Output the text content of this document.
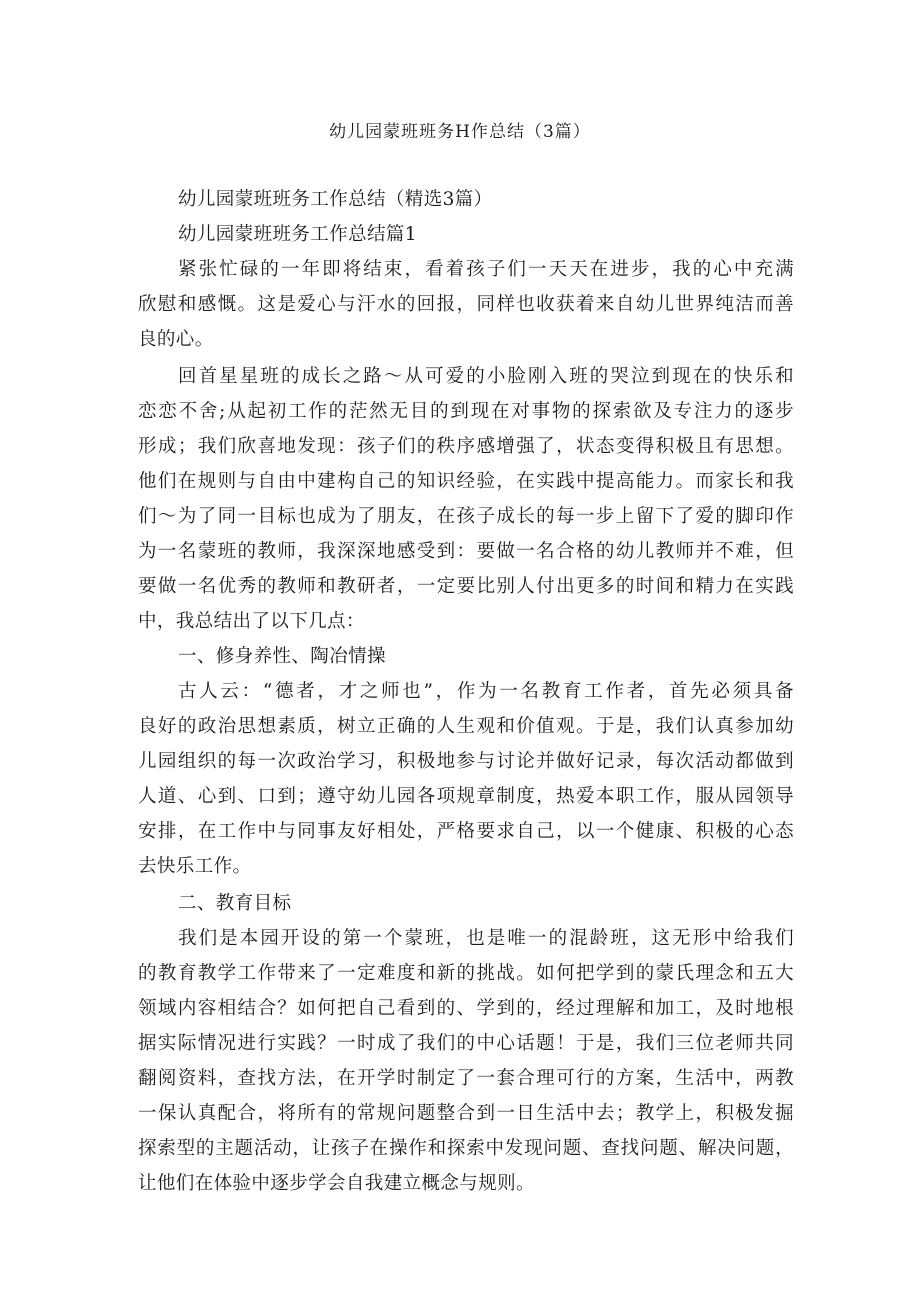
幼儿园蒙班班务H作总结（3篇）
幼儿园蒙班班务工作总结（精选3篇）
幼儿园蒙班班务工作总结篇1
紧张忙碌的一年即将结束，看着孩子们一天天在进步，我的心中充满
欣慰和感慨。这是爱心与汗水的回报，同样也收获着来自幼儿世界纯洁而善
良的心。
回首星星班的成长之路～从可爱的小脸刚入班的哭泣到现在的快乐和
恋恋不舍;从起初工作的茫然无目的到现在对事物的探索欲及专注力的逐步
形成；我们欣喜地发现：孩子们的秩序感增强了，状态变得积极且有思想。
他们在规则与自由中建构自己的知识经验，在实践中提高能力。而家长和我
们～为了同一目标也成为了朋友，在孩子成长的每一步上留下了爱的脚印作
为一名蒙班的教师，我深深地感受到：要做一名合格的幼儿教师并不难，但
要做一名优秀的教师和教研者，一定要比别人付出更多的时间和精力在实践
中，我总结出了以下几点：
一、修身养性、陶冶情操
古人云：“德者，才之师也”，作为一名教育工作者，首先必须具备
良好的政治思想素质，树立正确的人生观和价值观。于是，我们认真参加幼
儿园组织的每一次政治学习，积极地参与讨论并做好记录，每次活动都做到
人道、心到、口到；遵守幼儿园各项规章制度，热爱本职工作，服从园领导
安排，在工作中与同事友好相处，严格要求自己，以一个健康、积极的心态
去快乐工作。
二、教育目标
我们是本园开设的第一个蒙班，也是唯一的混龄班，这无形中给我们
的教育教学工作带来了一定难度和新的挑战。如何把学到的蒙氏理念和五大
领域内容相结合？如何把自己看到的、学到的，经过理解和加工，及时地根
据实际情况进行实践？一时成了我们的中心话题！于是，我们三位老师共同
翻阅资料，查找方法，在开学时制定了一套合理可行的方案，生活中，两教
一保认真配合，将所有的常规问题整合到一日生活中去；教学上，积极发掘
探索型的主题活动，让孩子在操作和探索中发现问题、查找问题、解决问题，
让他们在体验中逐步学会自我建立概念与规则。
